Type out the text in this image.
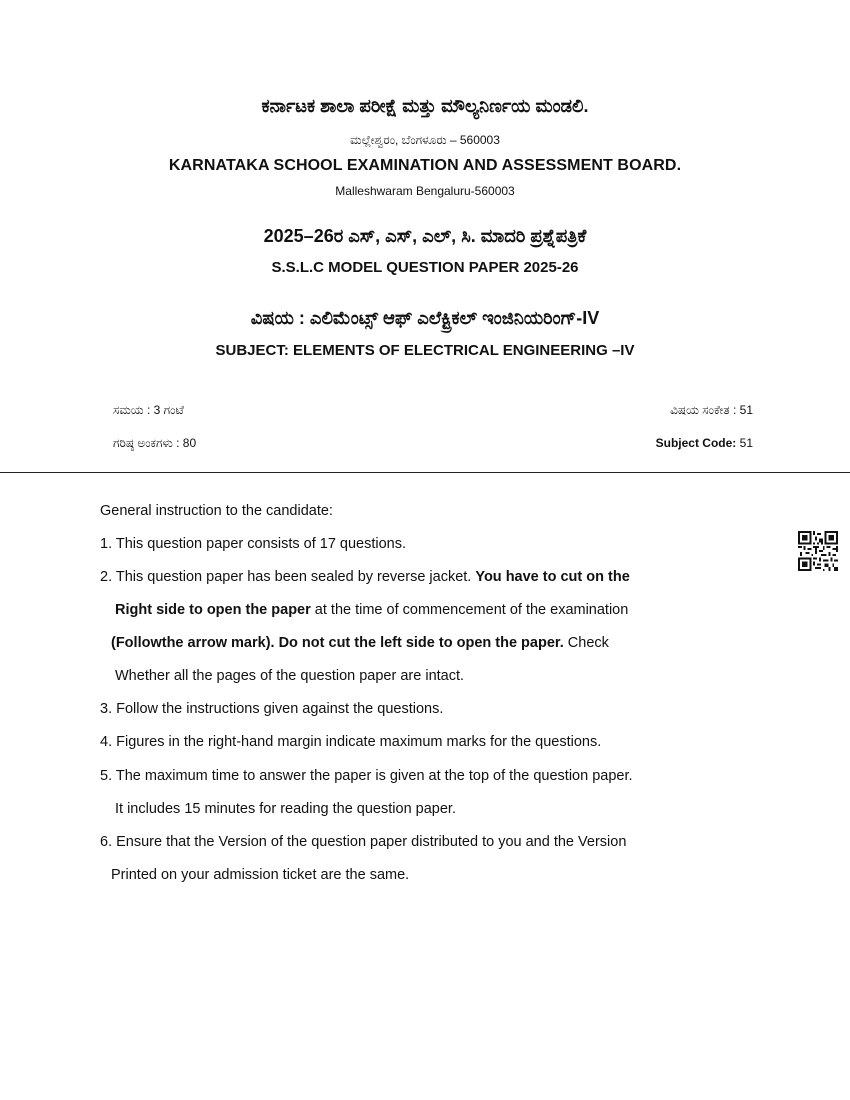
ಕರ್ನಾಟಕ ಶಾಲಾ ಪರೀಕ್ಷೆ ಮತ್ತು ಮೌಲ್ಯನಿರ್ಣಯ ಮಂಡಲಿ.
ಮಲ್ಲೇಶ್ವರಂ, ಬೆಂಗಳೂರು – 560003
KARNATAKA SCHOOL EXAMINATION AND ASSESSMENT BOARD.
Malleshwaram Bengaluru-560003
2025–26ರ ಎಸ್, ಎಸ್, ಎಲ್, ಸಿ. ಮಾದರಿ ಪ್ರಶ್ನೆಪತ್ರಿಕೆ
S.S.L.C MODEL QUESTION PAPER 2025-26
ವಿಷಯ : ಎಲಿಮೆಂಟ್ಸ್ ಆಫ್ ಎಲೆಕ್ಟ್ರಿಕಲ್ ಇಂಜಿನಿಯರಿಂಗ್-IV
SUBJECT: ELEMENTS OF ELECTRICAL ENGINEERING –IV
ಸಮಯ : 3 ಗಂಟೆ
ಗರಿಷ್ಠ ಅಂಕಗಳು : 80
ವಿಷಯ ಸಂಕೇತ : 51
Subject Code: 51
General instruction to the candidate:
1. This question paper consists of 17 questions.
2. This question paper has been sealed by reverse jacket. You have to cut on the
Right side to open the paper at the time of commencement of the examination
(Followthe arrow mark). Do not cut the left side to open the paper. Check
Whether all the pages of the question paper are intact.
3. Follow the instructions given against the questions.
4. Figures in the right-hand margin indicate maximum marks for the questions.
5. The maximum time to answer the paper is given at the top of the question paper.
It includes 15 minutes for reading the question paper.
6. Ensure that the Version of the question paper distributed to you and the Version
Printed on your admission ticket are the same.
